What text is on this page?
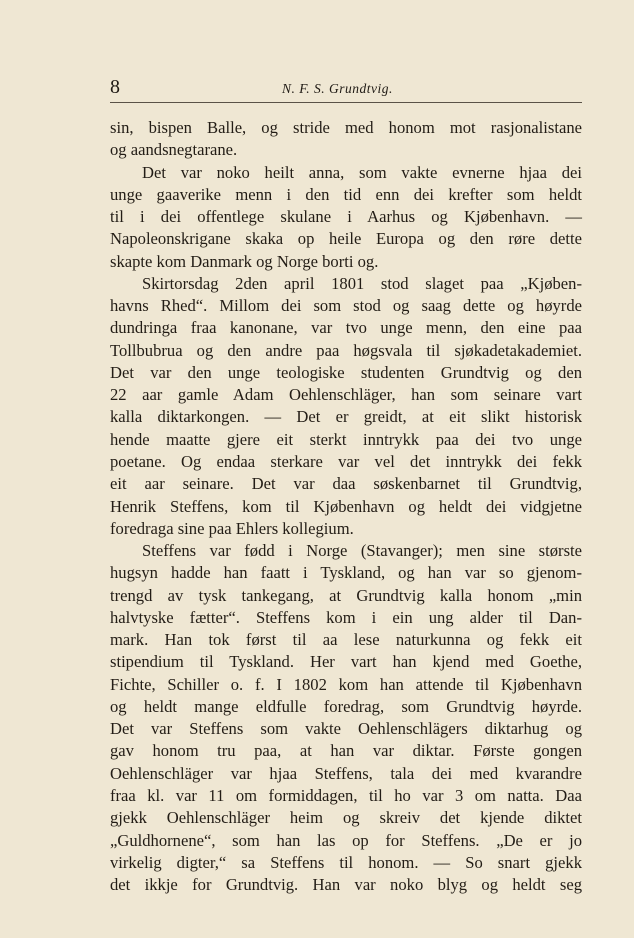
8	N. F. S. Grundtvig.
sin, bispen Balle, og stride med honom mot rasjonalistane
og aandsnegtarane.
Det var noko heilt anna, som vakte evnerne hjaa dei
unge gaaverike menn i den tid enn dei krefter som heldt
til i dei offentlege skulane i Aarhus og Kjøbenhavn. —
Napoleonskrigane skaka op heile Europa og den røre dette
skapte kom Danmark og Norge borti og.
Skirtorsdag 2den april 1801 stod slaget paa „Kjøben-
havns Rhed“. Millom dei som stod og saag dette og høyrde
dundringa fraa kanonane, var tvo unge menn, den eine paa
Tollbubrua og den andre paa høgsvala til sjøkadetakademiet.
Det var den unge teologiske studenten Grundtvig og den
22 aar gamle Adam Oehlenschläger, han som seinare vart
kalla diktarkongen. — Det er greidt, at eit slikt historisk
hende maatte gjere eit sterkt inntrykk paa dei tvo unge
poetane. Og endaa sterkare var vel det inntrykk dei fekk
eit aar seinare. Det var daa søskenbarnet til Grundtvig,
Henrik Steffens, kom til Kjøbenhavn og heldt dei vidgjetne
foredraga sine paa Ehlers kollegium.
Steffens var fødd i Norge (Stavanger); men sine største
hugsyn hadde han faatt i Tyskland, og han var so gjenom-
trengd av tysk tankegang, at Grundtvig kalla honom „min
halvtyske fætter“. Steffens kom i ein ung alder til Dan-
mark. Han tok først til aa lese naturkunna og fekk eit
stipendium til Tyskland. Her vart han kjend med Goethe,
Fichte, Schiller o. f. I 1802 kom han attende til Kjøbenhavn
og heldt mange eldfulle foredrag, som Grundtvig høyrde.
Det var Steffens som vakte Oehlenschlägers diktarhug og
gav honom tru paa, at han var diktar. Første gongen
Oehlenschläger var hjaa Steffens, tala dei med kvarandre
fraa kl. var 11 om formiddagen, til ho var 3 om natta. Daa
gjekk Oehlenschläger heim og skreiv det kjende diktet
„Guldhornene“, som han las op for Steffens. „De er jo
virkelig digter,“ sa Steffens til honom. — So snart gjekk
det ikkje for Grundtvig. Han var noko blyg og heldt seg
